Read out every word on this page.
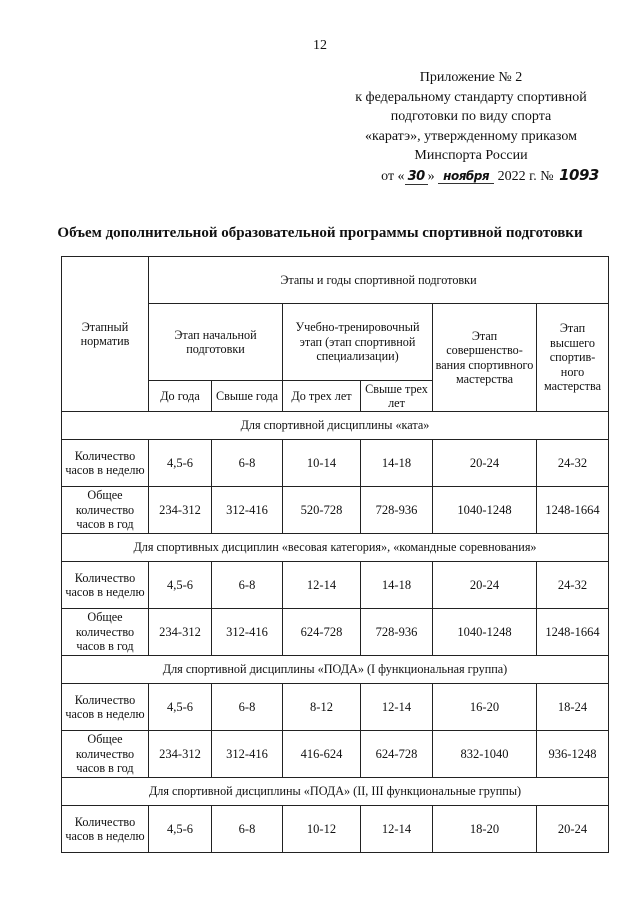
12
Приложение № 2
к федеральному стандарту спортивной
подготовки по виду спорта
«каратэ», утвержденному приказом
Минспорта России
от « 30 » ноября 2022 г. № 1093
Объем дополнительной образовательной программы спортивной подготовки
Этапный норматив	Этапы и годы спортивной подготовки					
	Этап начальной подготовки		Учебно-тренировочный этап (этап спортивной специализации)		Этап совершенство-вания спортивного мастерства	Этап высшего спортив-ного мастерства
	До года	Свыше года	До трех лет	Свыше трех лет		
Для спортивной дисциплины «ката»						
Количество часов в неделю	4,5-6	6-8	10-14	14-18	20-24	24-32
Общее количество часов в год	234-312	312-416	520-728	728-936	1040-1248	1248-1664
Для спортивных дисциплин «весовая категория», «командные соревнования»						
Количество часов в неделю	4,5-6	6-8	12-14	14-18	20-24	24-32
Общее количество часов в год	234-312	312-416	624-728	728-936	1040-1248	1248-1664
Для спортивной дисциплины «ПОДА» (I функциональная группа)						
Количество часов в неделю	4,5-6	6-8	8-12	12-14	16-20	18-24
Общее количество часов в год	234-312	312-416	416-624	624-728	832-1040	936-1248
Для спортивной дисциплины «ПОДА» (II, III функциональные группы)						
Количество часов в неделю	4,5-6	6-8	10-12	12-14	18-20	20-24
